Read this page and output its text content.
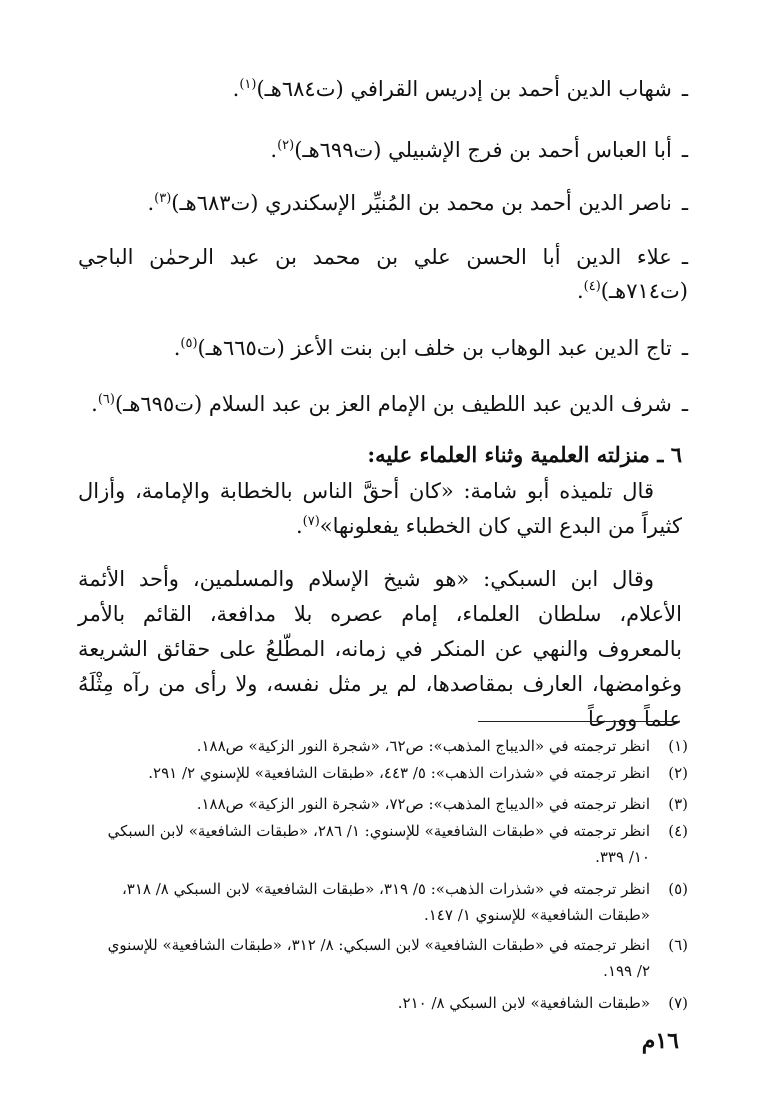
ـشهاب الدين أحمد بن إدريس القرافي (ت٦٨٤هـ)$^{(١)}$.
ـأبا العباس أحمد بن فرج الإشبيلي (ت٦٩٩هـ)$^{(٢)}$.
ـناصر الدين أحمد بن محمد بن المُنيِّر الإسكندري (ت٦٨٣هـ)$^{(٣)}$.
ـعلاء الدين أبا الحسن علي بن محمد بن عبد الرحمٰن الباجي (ت٧١٤هـ)$^{(٤)}$.
ـتاج الدين عبد الوهاب بن خلف ابن بنت الأعز (ت٦٦٥هـ)$^{(٥)}$.
ـشرف الدين عبد اللطيف بن الإمام العز بن عبد السلام (ت٦٩٥هـ)$^{(٦)}$.
٦ ـ منزلته العلمية وثناء العلماء عليه:
قال تلميذه أبو شامة: «كان أحقَّ الناس بالخطابة والإمامة، وأزال كثيراً من البدع التي كان الخطباء يفعلونها»$^{(٧)}$.
وقال ابن السبكي: «هو شيخ الإسلام والمسلمين، وأحد الأئمة الأعلام، سلطان العلماء، إمام عصره بلا مدافعة، القائم بالأمر بالمعروف والنهي عن المنكر في زمانه، المطّلعُ على حقائق الشريعة وغوامضها، العارف بمقاصدها، لم ير مثل نفسه، ولا رأى من رآه مِثْلَهُ علماً وورعاً
(١)انظر ترجمته في «الديباج المذهب»: ص٦٢، «شجرة النور الزكية» ص١٨٨.
(٢)انظر ترجمته في «شذرات الذهب»: ٥/ ٤٤٣، «طبقات الشافعية» للإسنوي ٢/ ٢٩١.
(٣)انظر ترجمته في «الديباج المذهب»: ص٧٢، «شجرة النور الزكية» ص١٨٨.
(٤)انظر ترجمته في «طبقات الشافعية» للإسنوي: ١/ ٢٨٦، «طبقات الشافعية» لابن السبكي
١٠/ ٣٣٩.
(٥)انظر ترجمته في «شذرات الذهب»: ٥/ ٣١٩، «طبقات الشافعية» لابن السبكي ٨/ ٣١٨،
«طبقات الشافعية» للإسنوي ١/ ١٤٧.
(٦)انظر ترجمته في «طبقات الشافعية» لابن السبكي: ٨/ ٣١٢، «طبقات الشافعية» للإسنوي
٢/ ١٩٩.
(٧)«طبقات الشافعية» لابن السبكي ٨/ ٢١٠.
١٦م
